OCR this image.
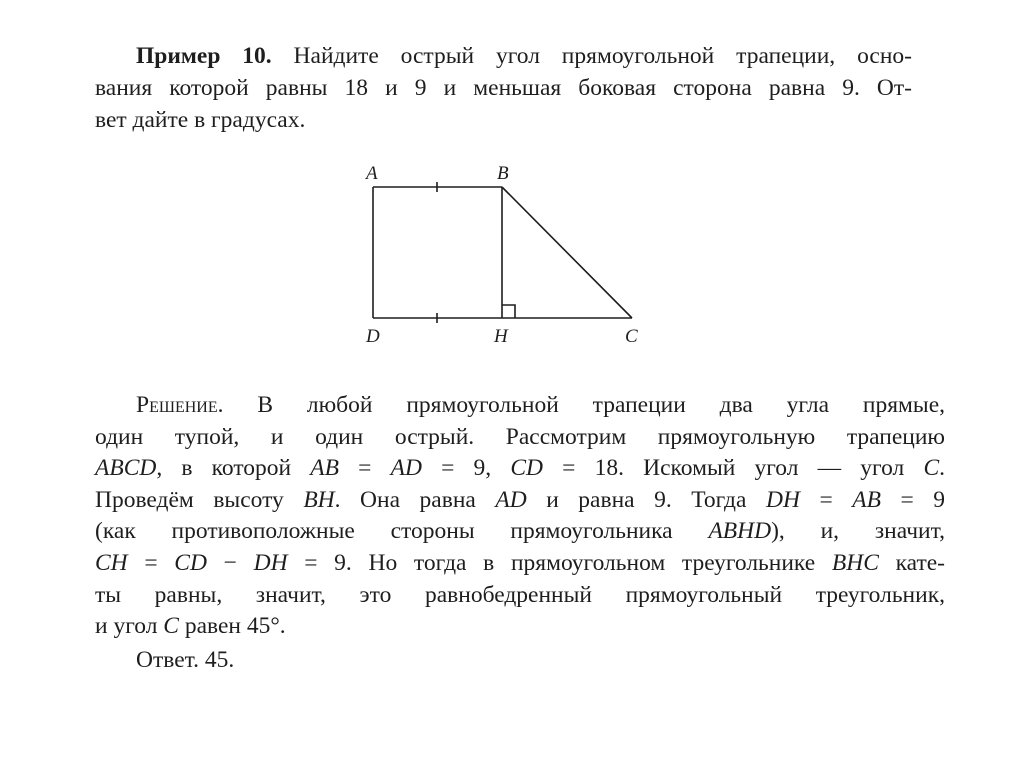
Пример 10. Найдите острый угол прямоугольной трапеции, осно-
вания которой равны 18 и 9 и меньшая боковая сторона равна 9. От-
вет дайте в градусах.
A	B
D	H	C
Решение. В любой прямоугольной трапеции два угла прямые,
один тупой, и один острый. Рассмотрим прямоугольную трапецию
ABCD, в которой AB = AD = 9, CD = 18. Искомый угол — угол C.
Проведём высоту BH. Она равна AD и равна 9. Тогда DH = AB = 9
(как противоположные стороны прямоугольника ABHD), и, значит,
CH = CD − DH = 9. Но тогда в прямоугольном треугольнике BHC кате-
ты равны, значит, это равнобедренный прямоугольный треугольник,
и угол C равен 45°.
Ответ. 45.
